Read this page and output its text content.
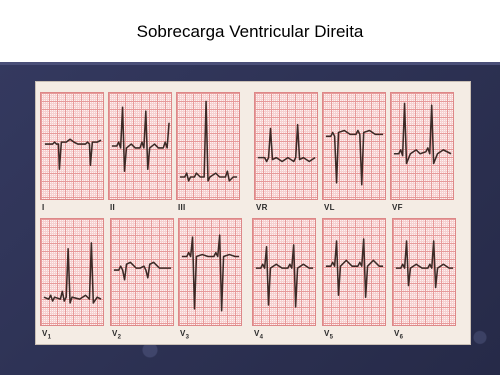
Sobrecarga Ventricular Direita
I	II	III	VR	VL	VF
$V_1$	$V_2$	$V_3$	$V_4$	$V_5$	$V_6$
